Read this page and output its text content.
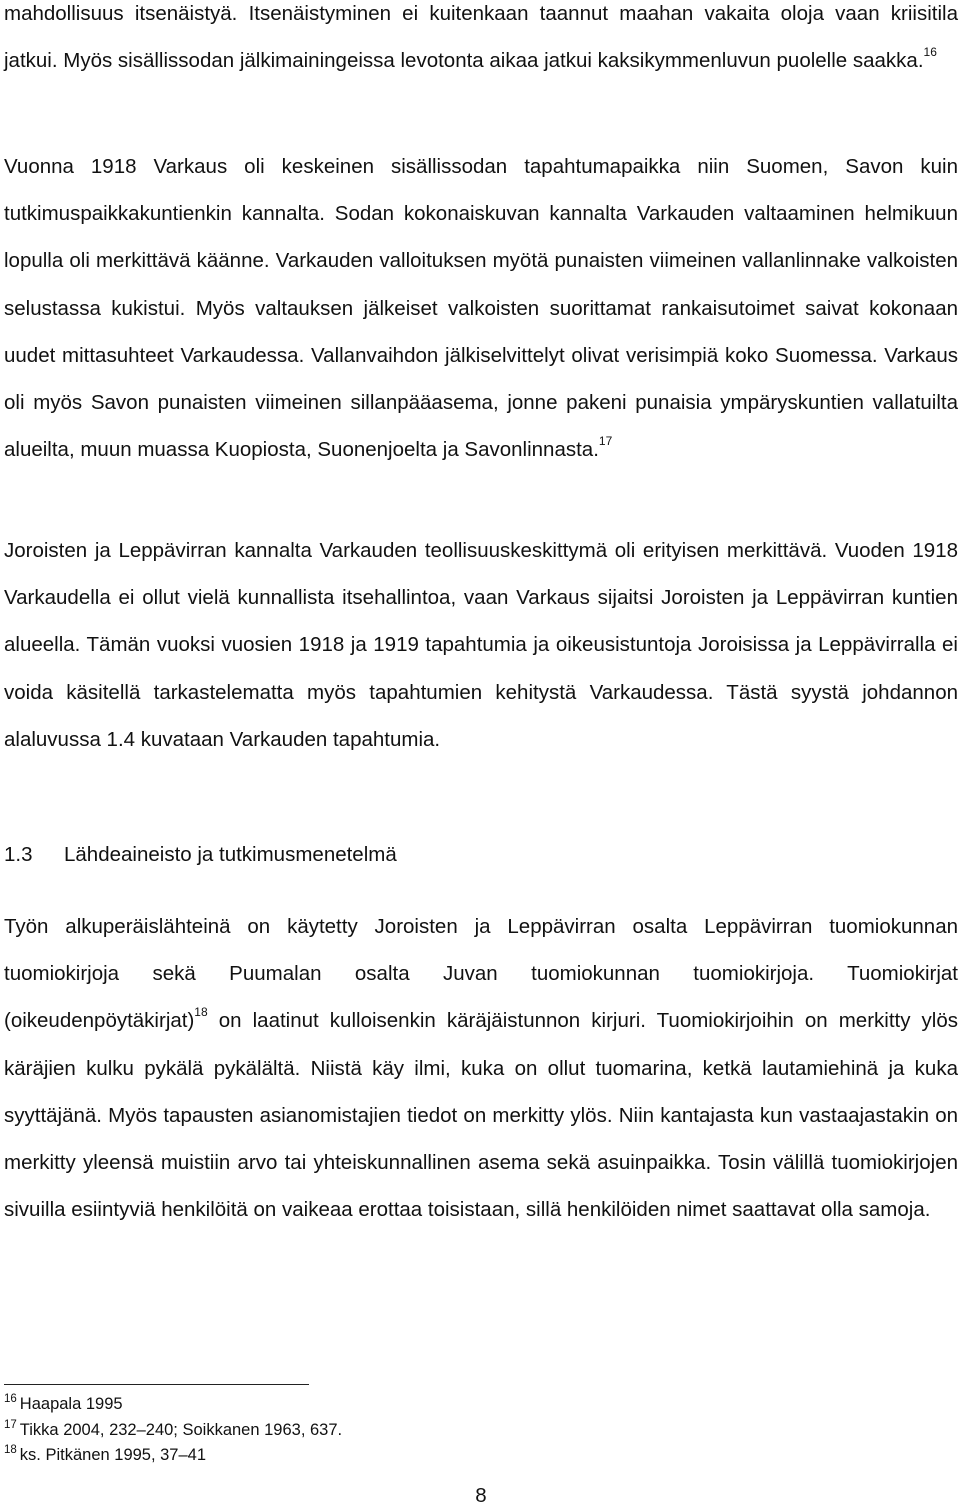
mahdollisuus itsenäistyä. Itsenäistyminen ei kuitenkaan taannut maahan vakaita oloja vaan kriisitila jatkui. Myös sisällissodan jälkimainingeissa levotonta aikaa jatkui kaksikymmenluvun puolelle saakka.$^{16}$

Vuonna 1918 Varkaus oli keskeinen sisällissodan tapahtumapaikka niin Suomen, Savon kuin tutkimuspaikkakuntienkin kannalta. Sodan kokonaiskuvan kannalta Varkauden valtaaminen helmikuun lopulla oli merkittävä käänne. Varkauden valloituksen myötä punaisten viimeinen vallanlinnake valkoisten selustassa kukistui. Myös valtauksen jälkeiset valkoisten suorittamat rankaisutoimet saivat kokonaan uudet mittasuhteet Varkaudessa. Vallanvaihdon jälkiselvittelyt olivat verisimpiä koko Suomessa. Varkaus oli myös Savon punaisten viimeinen sillanpääasema, jonne pakeni punaisia ympäryskuntien vallatuilta alueilta, muun muassa Kuopiosta, Suonenjoelta ja Savonlinnasta.$^{17}$

Joroisten ja Leppävirran kannalta Varkauden teollisuuskeskittymä oli erityisen merkittävä. Vuoden 1918 Varkaudella ei ollut vielä kunnallista itsehallintoa, vaan Varkaus sijaitsi Joroisten ja Leppävirran kuntien alueella. Tämän vuoksi vuosien 1918 ja 1919 tapahtumia ja oikeusistuntoja Joroisissa ja Leppävirralla ei voida käsitellä tarkastelematta myös tapahtumien kehitystä Varkaudessa. Tästä syystä johdannon alaluvussa 1.4 kuvataan Varkauden tapahtumia.

1.3 Lähdeaineisto ja tutkimusmenetelmä

Työn alkuperäislähteinä on käytetty Joroisten ja Leppävirran osalta Leppävirran tuomiokunnan tuomiokirjoja sekä Puumalan osalta Juvan tuomiokunnan tuomiokirjoja. Tuomiokirjat (oikeudenpöytäkirjat)$^{18}$ on laatinut kulloisenkin käräjäistunnon kirjuri. Tuomiokirjoihin on merkitty ylös käräjien kulku pykälä pykälältä. Niistä käy ilmi, kuka on ollut tuomarina, ketkä lautamiehinä ja kuka syyttäjänä. Myös tapausten asianomistajien tiedot on merkitty ylös. Niin kantajasta kun vastaajastakin on merkitty yleensä muistiin arvo tai yhteiskunnallinen asema sekä asuinpaikka. Tosin välillä tuomiokirjojen sivuilla esiintyviä henkilöitä on vaikeaa erottaa toisistaan, sillä henkilöiden nimet saattavat olla samoja.

$^{16}$ Haapala 1995

$^{17}$ Tikka 2004, 232–240; Soikkanen 1963, 637.

$^{18}$ ks. Pitkänen 1995, 37–41

8
